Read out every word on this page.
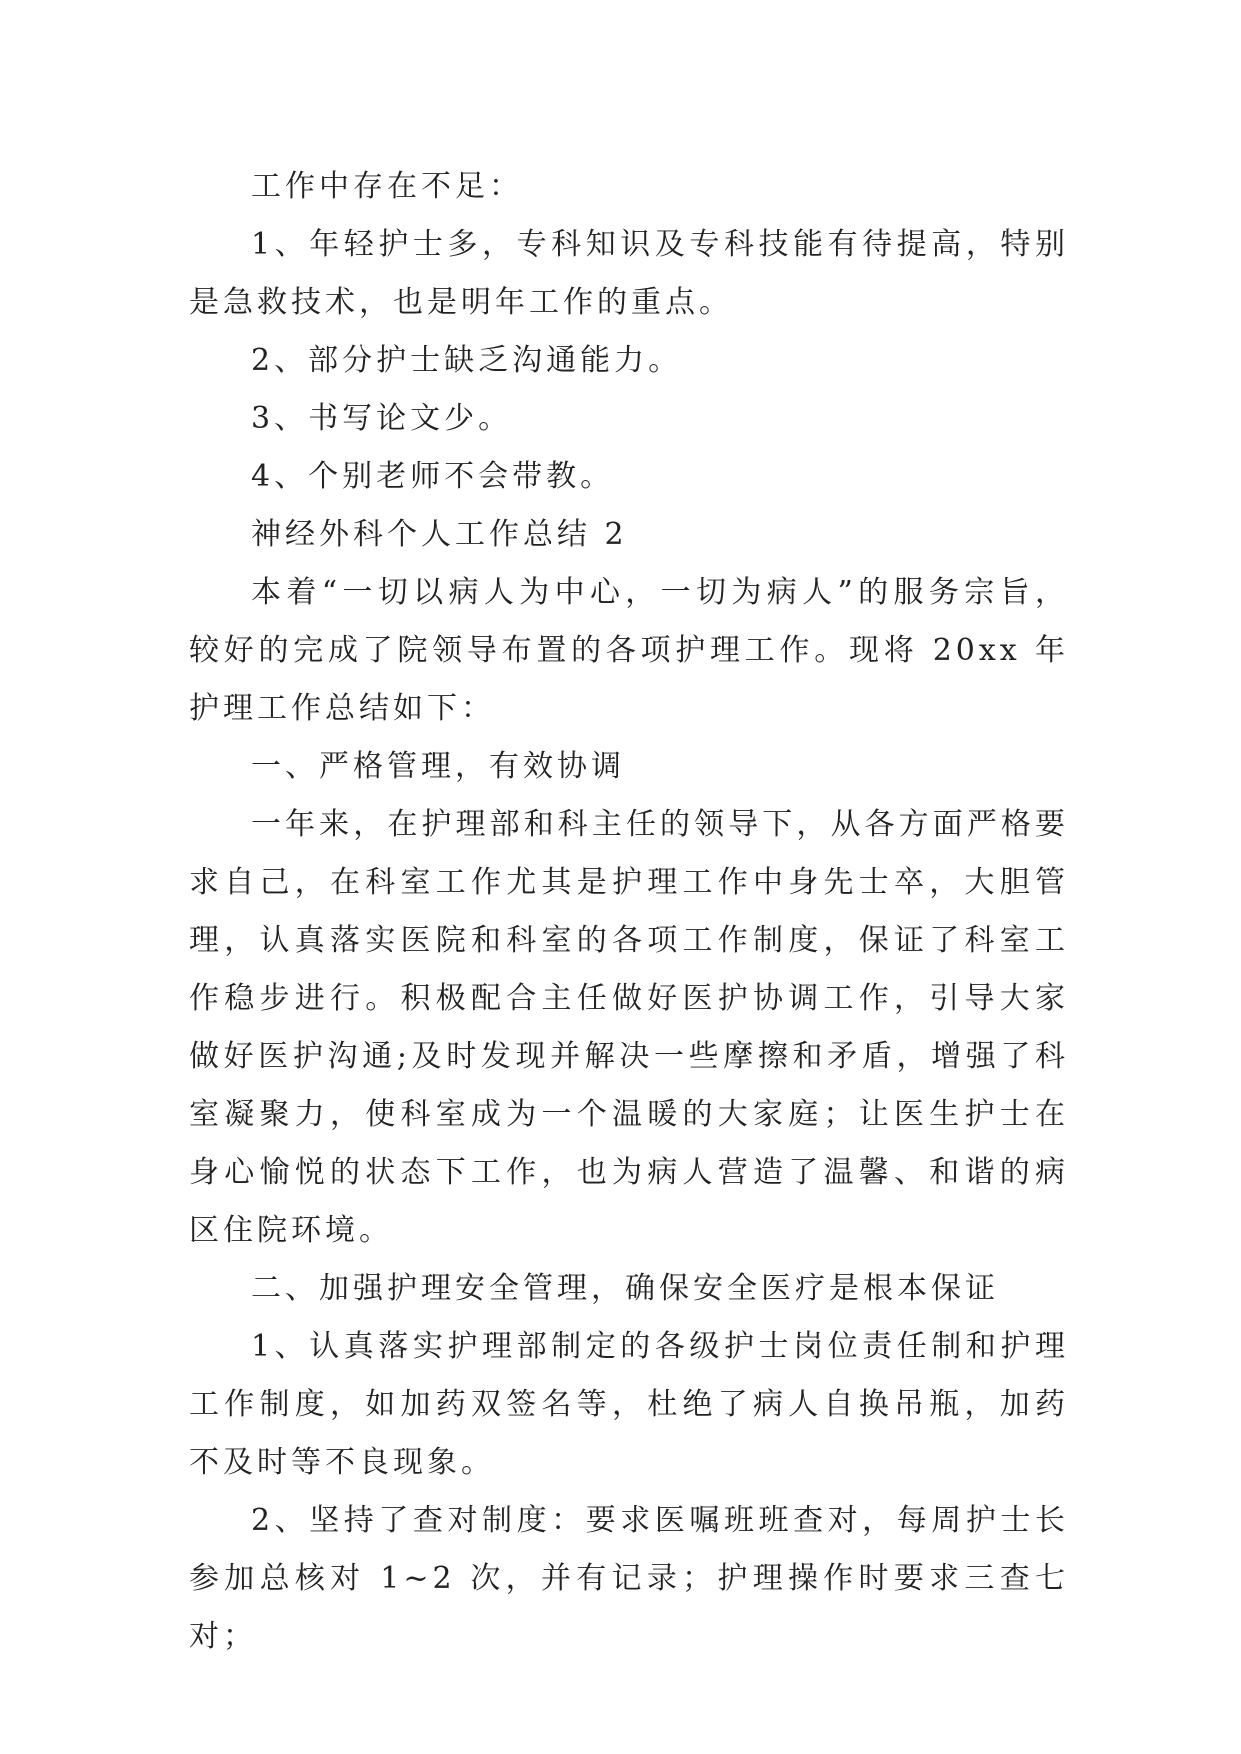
工作中存在不足：

1、年轻护士多，专科知识及专科技能有待提高，特别是急救技术，也是明年工作的重点。

2、部分护士缺乏沟通能力。

3、书写论文少。

4、个别老师不会带教。

神经外科个人工作总结 2

本着“一切以病人为中心，一切为病人”的服务宗旨，较好的完成了院领导布置的各项护理工作。现将 20xx 年护理工作总结如下：

一、严格管理，有效协调

一年来，在护理部和科主任的领导下，从各方面严格要求自己，在科室工作尤其是护理工作中身先士卒，大胆管理，认真落实医院和科室的各项工作制度，保证了科室工作稳步进行。积极配合主任做好医护协调工作，引导大家做好医护沟通;及时发现并解决一些摩擦和矛盾，增强了科室凝聚力，使科室成为一个温暖的大家庭；让医生护士在身心愉悦的状态下工作，也为病人营造了温馨、和谐的病区住院环境。

二、加强护理安全管理，确保安全医疗是根本保证

1、认真落实护理部制定的各级护士岗位责任制和护理工作制度，如加药双签名等，杜绝了病人自换吊瓶，加药不及时等不良现象。

2、坚持了查对制度：要求医嘱班班查对，每周护士长参加总核对 1~2 次，并有记录；护理操作时要求三查七对；
